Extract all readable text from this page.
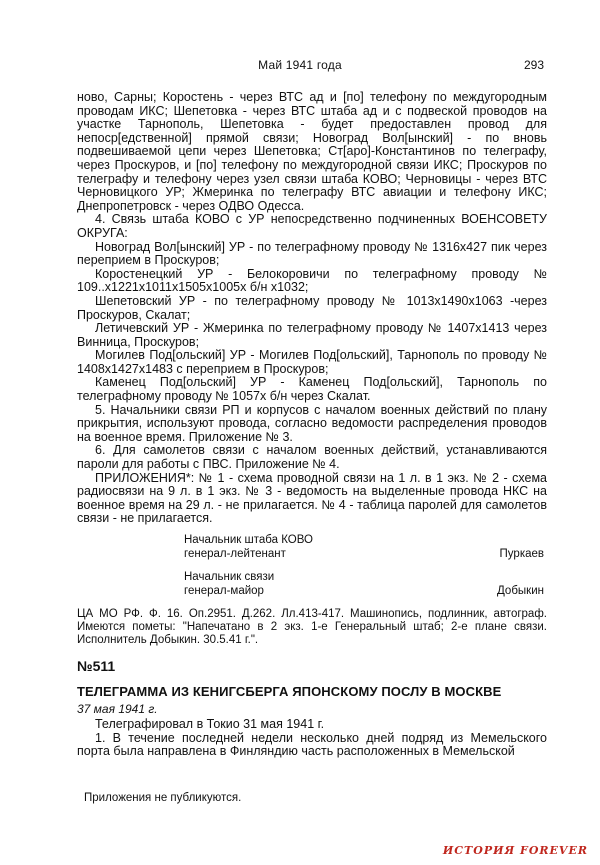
Май 1941 года	293

ново, Сарны; Коростень - через ВТС ад и [по] телефону по междугородным проводам ИКС; Шепетовка - через ВТС штаба ад и с подвеской проводов на участке Тарнополь, Шепетовка - будет предоставлен провод для непоср[едственной] прямой связи; Новоград Вол[ынский] - по вновь подвешиваемой цепи через Шепетовка; Ст[аро]-Константинов по телеграфу, через Проскуров, и [по] телефону по междугородной связи ИКС; Проскуров по телеграфу и телефону через узел связи штаба КОВО; Черновицы - через ВТС Черновицкого УР; Жмеринка по телеграфу ВТС авиации и телефону ИКС; Днепропетровск - через ОДВО Одесса.

4. Связь штаба КОВО с УР непосредственно подчиненных ВОЕНСОВЕТУ ОКРУГА:

Новоград Вол[ынский] УР - по телеграфному проводу № 1316х427 пик через переприем в Проскуров;

Коростенецкий УР - Белокоровичи по телеграфному проводу № 109..х1221х1011х1505х1005х б/н х1032;

Шепетовский УР - по телеграфному проводу № 1013х1490х1063 -через Проскуров, Скалат;

Летичевский УР - Жмеринка по телеграфному проводу № 1407х1413 через Винница, Проскуров;

Могилев Под[ольский] УР - Могилев Под[ольский], Тарнополь по проводу № 1408х1427х1483 с переприем в Проскуров;

Каменец Под[ольский] УР - Каменец Под[ольский], Тарнополь по телеграфному проводу № 1057х б/н через Скалат.

5. Начальники связи РП и корпусов с началом военных действий по плану прикрытия, используют провода, согласно ведомости распределения проводов на военное время. Приложение № 3.

6. Для самолетов связи с началом военных действий, устанавливаются пароли для работы с ПВС. Приложение № 4.

ПРИЛОЖЕНИЯ*: № 1 - схема проводной связи на 1 л. в 1 экз. № 2 - схема радиосвязи на 9 л. в 1 экз. № 3 - ведомость на выделенные провода НКС на военное время на 29 л. - не прилагается. № 4 - таблица паролей для самолетов связи - не прилагается.

Начальник штаба КОВО
генерал-лейтенант	Пуркаев
Начальник связи
генерал-майор	Добыкин
ЦА МО РФ. Ф. 16. Оп.2951. Д.262. Лл.413-417. Машинопись, подлинник, автограф. Имеются пометы: "Напечатано в 2 экз. 1-е Генеральный штаб; 2-е плане связи. Исполнитель Добыкин. 30.5.41 г.".
№511
ТЕЛЕГРАММА ИЗ КЕНИГСБЕРГА ЯПОНСКОМУ ПОСЛУ В МОСКВЕ
37 мая 1941 г.

Телеграфировал в Токио 31 мая 1941 г.

1. В течение последней недели несколько дней подряд из Мемельского порта была направлена в Финляндию часть расположенных в Мемельской

Приложения не публикуются.
ИСТОРИЯ FOREVER
